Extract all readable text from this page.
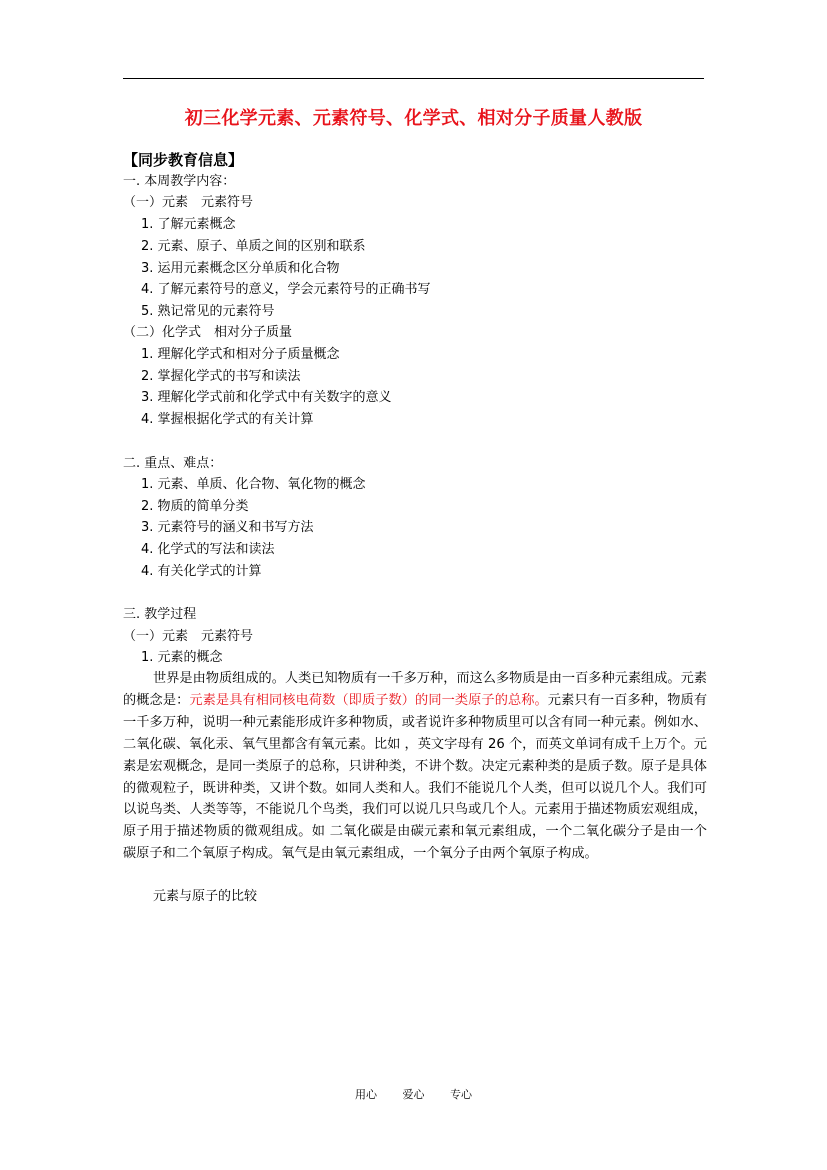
初三化学元素、元素符号、化学式、相对分子质量人教版
【同步教育信息】
一. 本周教学内容：
（一）元素　元素符号
1. 了解元素概念
2. 元素、原子、单质之间的区别和联系
3. 运用元素概念区分单质和化合物
4. 了解元素符号的意义，学会元素符号的正确书写
5. 熟记常见的元素符号
（二）化学式　相对分子质量
1. 理解化学式和相对分子质量概念
2. 掌握化学式的书写和读法
3. 理解化学式前和化学式中有关数字的意义
4. 掌握根据化学式的有关计算
二. 重点、难点：
1. 元素、单质、化合物、氧化物的概念
2. 物质的简单分类
3. 元素符号的涵义和书写方法
4. 化学式的写法和读法
4. 有关化学式的计算
三. 教学过程
（一）元素　元素符号
1. 元素的概念
世界是由物质组成的。人类已知物质有一千多万种，而这么多物质是由一百多种元素组成。元素的概念是：元素是具有相同核电荷数（即质子数）的同一类原子的总称。元素只有一百多种，物质有一千多万种，说明一种元素能形成许多种物质，或者说许多种物质里可以含有同一种元素。例如水、二氧化碳、氧化汞、氧气里都含有氧元素。比如 ，英文字母有 26 个，而英文单词有成千上万个。元素是宏观概念，是同一类原子的总称，只讲种类，不讲个数。决定元素种类的是质子数。原子是具体的微观粒子，既讲种类，又讲个数。如同人类和人。我们不能说几个人类，但可以说几个人。我们可以说鸟类、人类等等，不能说几个鸟类，我们可以说几只鸟或几个人。元素用于描述物质宏观组成，原子用于描述物质的微观组成。如 二氧化碳是由碳元素和氧元素组成，一个二氧化碳分子是由一个碳原子和二个氧原子构成。氧气是由氧元素组成，一个氧分子由两个氧原子构成。
元素与原子的比较
用心 爱心 专心
